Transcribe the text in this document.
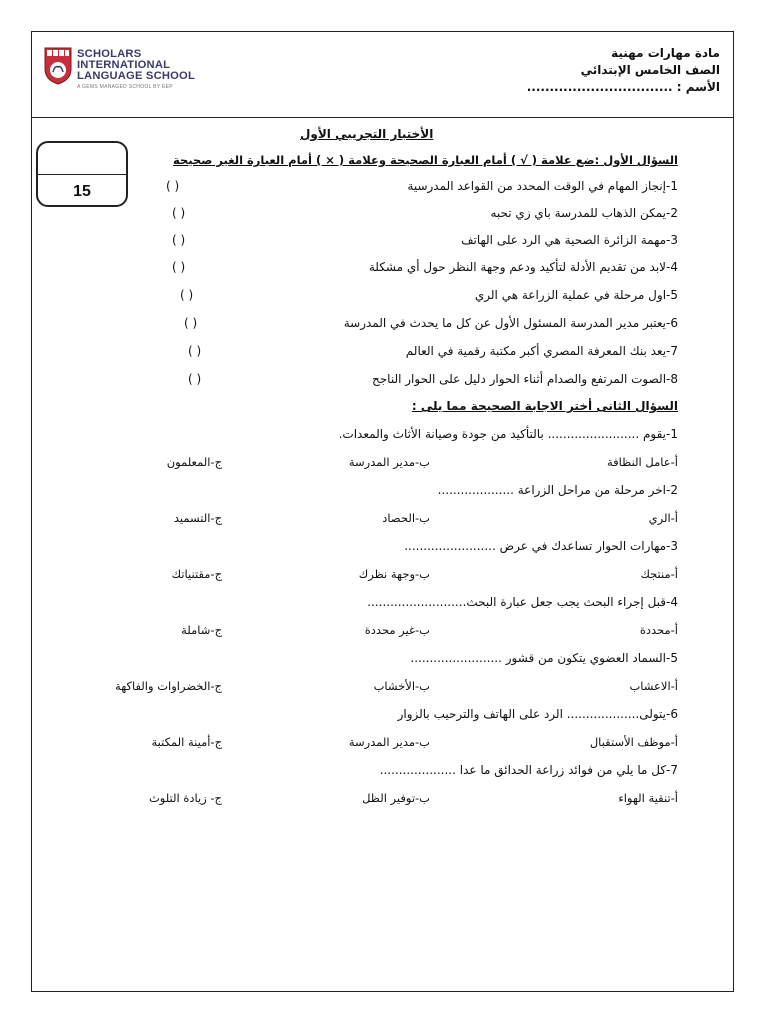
SCHOLARS
INTERNATIONAL
LANGUAGE SCHOOL
A GEMS MANAGED SCHOOL BY EEP
مادة مهارات مهنية
الصف الخامس الإبتدائي
الأسم : ................................
15
الأختبار التجريبي الأول
السؤال الأول :ضع علامة ( √ ) أمام العبارة الصحيحة وعلامة ( × ) أمام العبارة الغير صحيحة
1-إنجاز المهام في الوقت المحدد من القواعد المدرسية
( )
2-يمكن الذهاب للمدرسة باي زي تحبه
( )
3-مهمة الزائرة الصحية هي الرد على الهاتف
( )
4-لابد من تقديم الأدلة لتأكيد ودعم وجهة النظر حول أي مشكلة
( )
5-اول مرحلة في عملية الزراعة هي الري
( )
6-يعتبر مدير المدرسة المسئول الأول عن كل ما يحدث في المدرسة
( )
7-يعد بنك المعرفة المصري أكبر مكتبة رقمية في العالم
( )
8-الصوت المرتفع والصدام أثناء الحوار دليل على الحوار الناجح
( )
السؤال الثانى أختر الاجابة الصحيحة مما يلى :
1-يقوم ........................ بالتأكيد من جودة وصيانة الأثاث والمعدات.
أ-عامل النظافة
ب-مدير المدرسة
ج-المعلمون
2-اخر مرحلة من مراحل الزراعة ....................
أ-الري
ب-الحصاد
ج-التسميد
3-مهارات الحوار تساعدك في عرض ........................
أ-منتجك
ب-وجهة نظرك
ج-مقتنياتك
4-قبل إجراء البحث يجب جعل عبارة البحث..........................
أ-محددة
ب-غير محددة
ج-شاملة
5-السماد العضوي يتكون من قشور ........................
أ-الاعشاب
ب-الأخشاب
ج-الخضراوات والفاكهة
6-يتولى................... الرد على الهاتف والترحيب بالزوار
أ-موظف الأستقبال
ب-مدير المدرسة
ج-أمينة المكتبة
7-كل ما يلي من فوائد زراعة الحدائق ما عدا ....................
أ-تنقية الهواء
ب-توفير الظل
ج- زيادة التلوث
